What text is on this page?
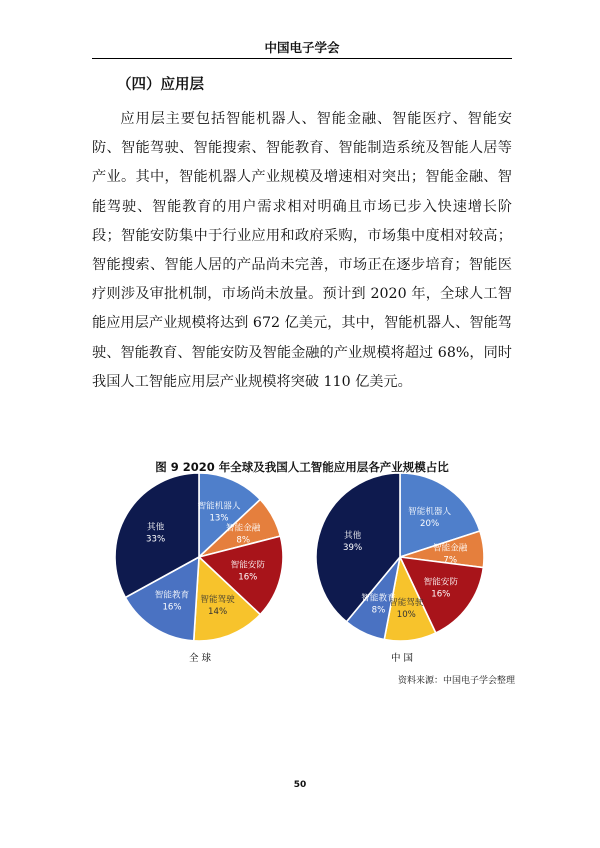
中国电子学会
（四）应用层
应用层主要包括智能机器人、智能金融、智能医疗、智能安防、智能驾驶、智能搜索、智能教育、智能制造系统及智能人居等产业。其中，智能机器人产业规模及增速相对突出；智能金融、智能驾驶、智能教育的用户需求相对明确且市场已步入快速增长阶段；智能安防集中于行业应用和政府采购，市场集中度相对较高；智能搜索、智能人居的产品尚未完善，市场正在逐步培育；智能医疗则涉及审批机制，市场尚未放量。预计到 2020 年，全球人工智能应用层产业规模将达到 672 亿美元，其中，智能机器人、智能驾驶、智能教育、智能安防及智能金融的产业规模将超过 68%，同时我国人工智能应用层产业规模将突破 110 亿美元。
图 9 2020 年全球及我国人工智能应用层各产业规模占比
智能机器人
13%
智能金融
8%
智能安防
16%
智能驾驶
14%
智能教育
16%
其他
33%
全 球
智能机器人
20%
智能金融
7%
智能安防
16%
智能驾驶
10%
智能教育
8%
其他
39%
中 国
资料来源：中国电子学会整理
50
